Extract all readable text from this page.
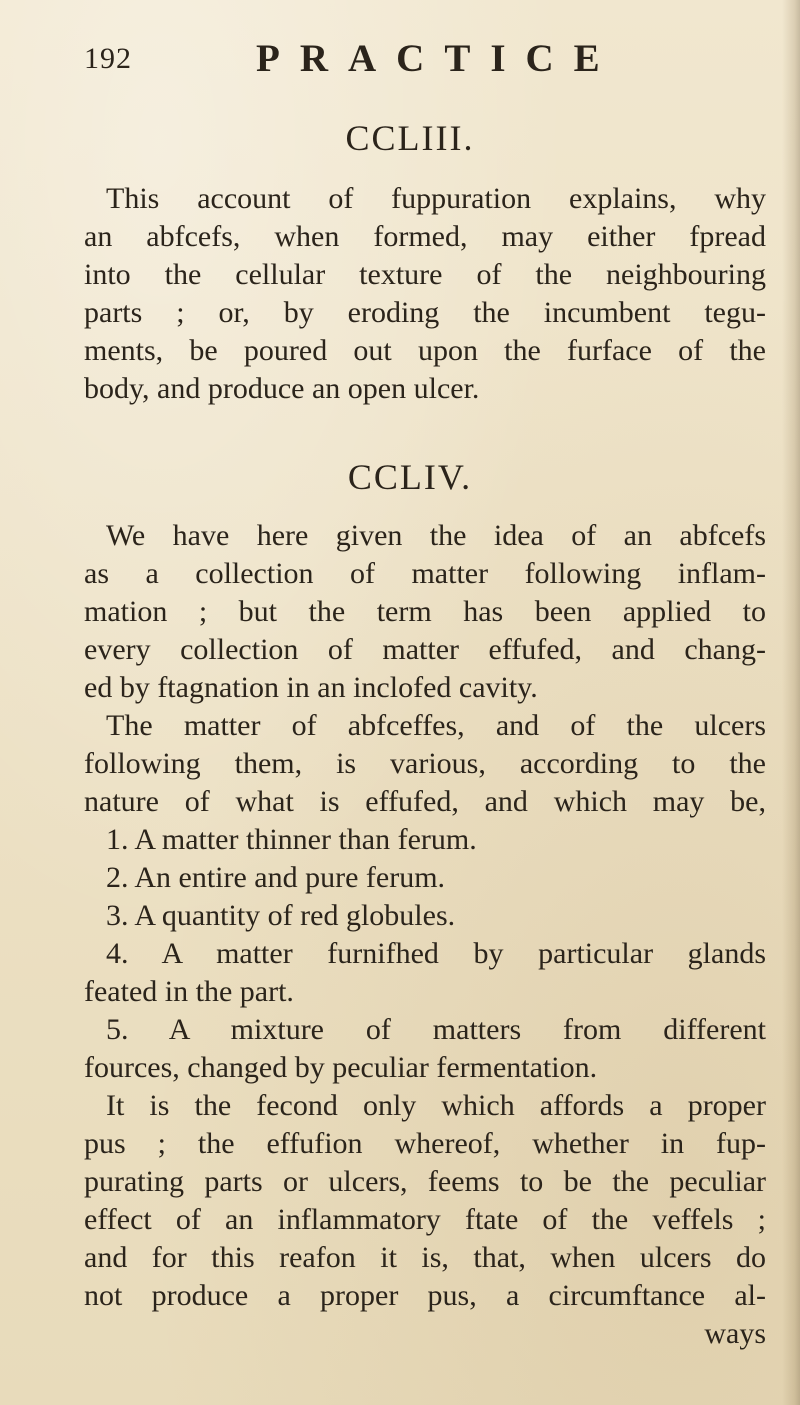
192	PRACTICE
CCLIII.
This account of fuppuration explains, why
an abfcefs, when formed, may either fpread
into the cellular texture of the neighbouring
parts ; or, by eroding the incumbent tegu-
ments, be poured out upon the furface of the
body, and produce an open ulcer.
CCLIV.
We have here given the idea of an abfcefs
as a collection of matter following inflam-
mation ; but the term has been applied to
every collection of matter effufed, and chang-
ed by ftagnation in an inclofed cavity.
The matter of abfceffes, and of the ulcers
following them, is various, according to the
nature of what is effufed, and which may be,
1. A matter thinner than ferum.
2. An entire and pure ferum.
3. A quantity of red globules.
4. A matter furnifhed by particular glands
feated in the part.
5. A mixture of matters from different
fources, changed by peculiar fermentation.
It is the fecond only which affords a proper
pus ; the effufion whereof, whether in fup-
purating parts or ulcers, feems to be the peculiar
effect of an inflammatory ftate of the veffels ;
and for this reafon it is, that, when ulcers do
not produce a proper pus, a circumftance al-
ways
